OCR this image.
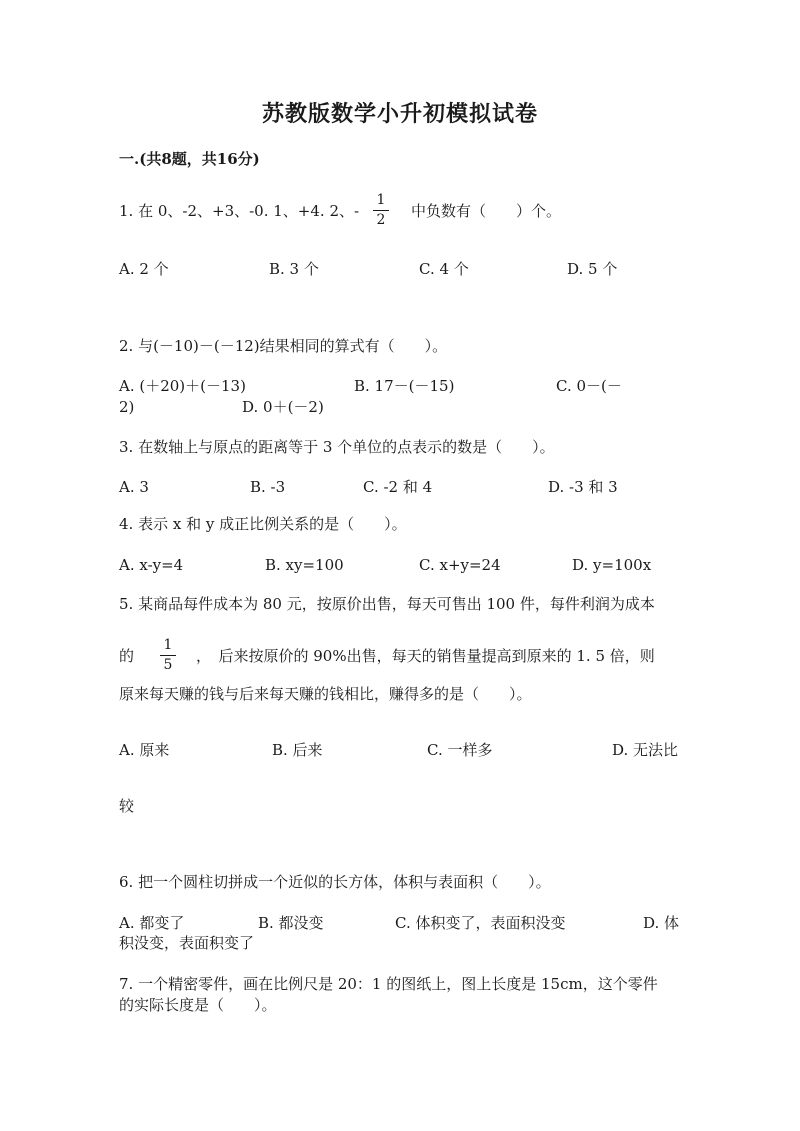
苏教版数学小升初模拟试卷
一.(共8题，共16分)
1. 在 0、-2、+3、-0. 1、+4. 2、-
1
2 中负数有（　　）个。
A. 2 个	B. 3 个	C. 4 个	D. 5 个
2. 与(－10)－(－12)结果相同的算式有（　　）。
A. (＋20)＋(－13)	B. 17－(－15)	C. 0－(－
2)	D. 0＋(－2)
3. 在数轴上与原点的距离等于 3 个单位的点表示的数是（　　）。
A. 3	B. -3	C. -2 和 4	D. -3 和 3
4. 表示 x 和 y 成正比例关系的是（　　）。
A. x-y=4	B. xy=100	C. x+y=24	D. y=100x
5. 某商品每件成本为 80 元，按原价出售，每天可售出 100 件，每件利润为成本
的
1
5 ，　后来按原价的 90%出售，每天的销售量提高到原来的 1. 5 倍，则
原来每天赚的钱与后来每天赚的钱相比，赚得多的是（　　）。
A. 原来	B. 后来	C. 一样多	D. 无法比
较
6. 把一个圆柱切拼成一个近似的长方体，体积与表面积（　　）。
A. 都变了	B. 都没变	C. 体积变了，表面积没变	D. 体
积没变，表面积变了
7. 一个精密零件，画在比例尺是 20：1 的图纸上，图上长度是 15cm，这个零件
的实际长度是（　　）。
